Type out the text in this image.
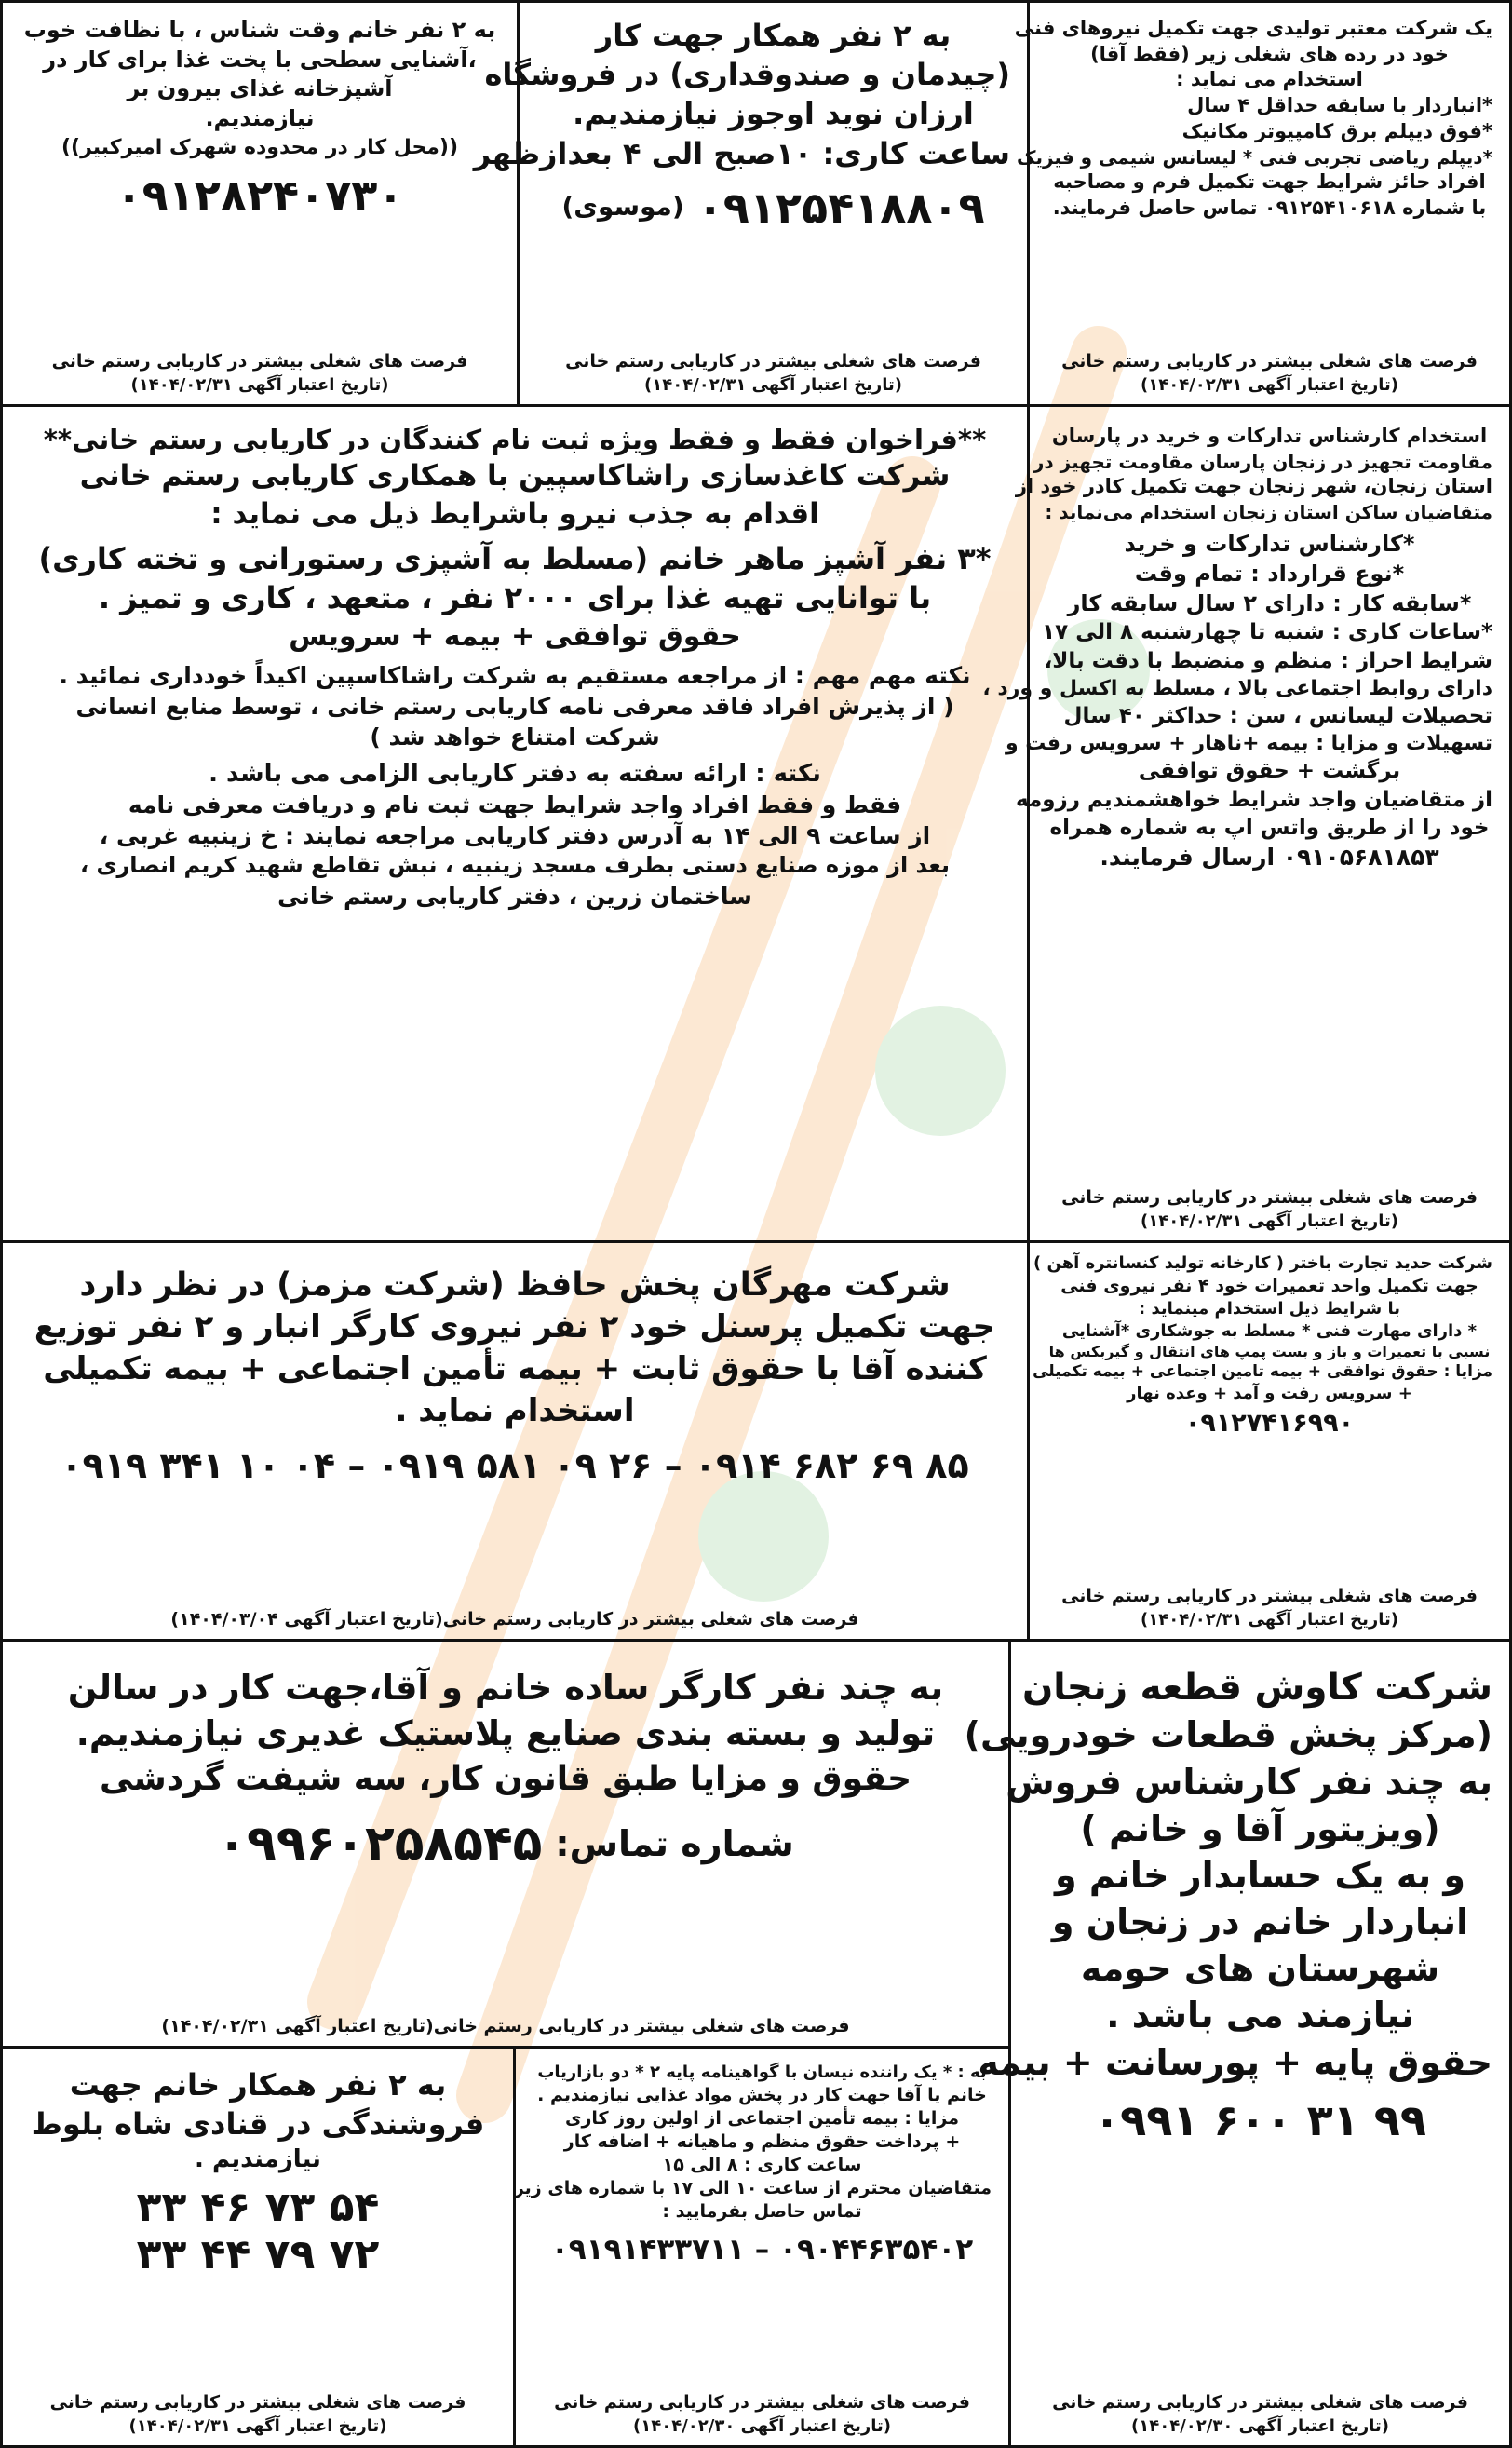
یک شرکت معتبر تولیدی جهت تکمیل نیروهای فنی
خود در رده های شغلی زیر (فقط آقا)
استخدام می نماید :
*انباردار با سابقه حداقل ۴ سال
*فوق دیپلم برق کامپیوتر مکانیک
*دیپلم ریاضی تجربی فنی * لیسانس شیمی و فیزیک
افراد حائز شرایط جهت تکمیل فرم و مصاحبه
با شماره ۰۹۱۲۵۴۱۰۶۱۸ تماس حاصل فرمایند.
فرصت های شغلی بیشتر در کاریابی رستم خانی
(تاریخ اعتبار آگهی ۱۴۰۴/۰۲/۳۱)
به ۲ نفر همکار جهت کار
(چیدمان و صندوقداری) در فروشگاه
ارزان نوید اوجوز نیازمندیم.
ساعت کاری: ۱۰صبح الی ۴ بعدازظهر
۰۹۱۲۵۴۱۸۸۰۹
(موسوی)
فرصت های شغلی بیشتر در کاریابی رستم خانی
(تاریخ اعتبار آگهی ۱۴۰۴/۰۲/۳۱)
به ۲ نفر خانم وقت شناس ، با نظافت خوب
،آشنایی سطحی با پخت غذا برای کار در
آشپزخانه غذای بیرون بر
نیازمندیم.
((محل کار در محدوده شهرک امیرکبیر))
۰۹۱۲۸۲۴۰۷۳۰
فرصت های شغلی بیشتر در کاریابی رستم خانی
(تاریخ اعتبار آگهی ۱۴۰۴/۰۲/۳۱)
استخدام کارشناس تدارکات و خرید در پارسان
مقاومت تجهیز در زنجان پارسان مقاومت تجهیز در
استان زنجان، شهر زنجان جهت تکمیل کادر خود از
متقاضیان ساکن استان زنجان استخدام می‌نماید :
*کارشناس تدارکات و خرید
*نوع قرارداد : تمام وقت
*سابقه کار : دارای ۲ سال سابقه کار
*ساعات کاری : شنبه تا چهارشنبه ۸ الی ۱۷
شرایط احراز : منظم و منضبط با دقت بالا،
دارای روابط اجتماعی بالا ، مسلط به اکسل و ورد ،
تحصیلات لیسانس ، سن : حداکثر ۴۰ سال
تسهیلات و مزایا : بیمه +ناهار + سرویس رفت و
برگشت + حقوق توافقی
از متقاضیان واجد شرایط خواهشمندیم رزومه
خود را از طریق واتس اپ به شماره همراه
۰۹۱۰۵۶۸۱۸۵۳ ارسال فرمایند.
فرصت های شغلی بیشتر در کاریابی رستم خانی
(تاریخ اعتبار آگهی ۱۴۰۴/۰۲/۳۱)
**فراخوان فقط و فقط ویژه ثبت نام کنندگان در کاریابی رستم خانی**
شرکت کاغذسازی راشاکاسپین با همکاری کاریابی رستم خانی
اقدام به جذب نیرو باشرایط ذیل می نماید :
*۳ نفر آشپز ماهر خانم (مسلط به آشپزی رستورانی و تخته کاری)
با توانایی تهیه غذا برای ۲۰۰۰ نفر ، متعهد ، کاری و تمیز .
حقوق توافقی + بیمه + سرویس
نکته مهم مهم : از مراجعه مستقیم به شرکت راشاکاسپین اکیداً خودداری نمائید .
( از پذیرش افراد فاقد معرفی نامه کاریابی رستم خانی ، توسط منابع انسانی
شرکت امتناع خواهد شد )
نکته : ارائه سفته به دفتر کاریابی الزامی می باشد .
فقط و فقط افراد واجد شرایط جهت ثبت نام و دریافت معرفی نامه
از ساعت ۹ الی ۱۴ به آدرس دفتر کاریابی مراجعه نمایند : خ زینبیه غربی ،
بعد از موزه صنایع دستی بطرف مسجد زینبیه ، نبش تقاطع شهید کریم انصاری ،
ساختمان زرین ، دفتر کاریابی رستم خانی
شرکت حدید تجارت باختر ( کارخانه تولید کنسانتره آهن )
جهت تکمیل واحد تعمیرات خود ۴ نفر نیروی فنی
با شرایط ذیل استخدام مینماید :
* دارای مهارت فنی * مسلط به جوشکاری *آشنایی
نسبی با تعمیرات و باز و بست پمپ های انتقال و گیربکس ها
مزایا : حقوق توافقی + بیمه تامین اجتماعی + بیمه تکمیلی
+ سرویس رفت و آمد + وعده نهار
۰۹۱۲۷۴۱۶۹۹۰
فرصت های شغلی بیشتر در کاریابی رستم خانی
(تاریخ اعتبار آگهی ۱۴۰۴/۰۲/۳۱)
شرکت مهرگان پخش حافظ (شرکت مزمز) در نظر دارد
جهت تکمیل پرسنل خود ۲ نفر نیروی کارگر انبار و ۲ نفر توزیع
کننده آقا با حقوق ثابت + بیمه تأمین اجتماعی + بیمه تکمیلی
استخدام نماید .
۰۹۱۹ ۳۴۱ ۱۰ ۰۴ – ۰۹۱۹ ۵۸۱ ۰۹ ۲۶ – ۰۹۱۴ ۶۸۲ ۶۹ ۸۵
فرصت های شغلی بیشتر در کاریابی رستم خانی(تاریخ اعتبار آگهی ۱۴۰۴/۰۳/۰۴)
شرکت کاوش قطعه زنجان
(مرکز پخش قطعات خودرویی)
به چند نفر کارشناس فروش
(ویزیتور آقا و خانم )
و به یک حسابدار خانم و
انباردار خانم در زنجان و
شهرستان های حومه
نیازمند می باشد .
حقوق پایه + پورسانت + بیمه
۰۹۹۱ ۶۰۰ ۳۱ ۹۹
فرصت های شغلی بیشتر در کاریابی رستم خانی
(تاریخ اعتبار آگهی ۱۴۰۴/۰۲/۳۰)
به چند نفر کارگر ساده خانم و آقا،جهت کار در سالن
تولید و بسته بندی صنایع پلاستیک غدیری نیازمندیم.
حقوق و مزایا طبق قانون کار، سه شیفت گردشی
شماره تماس:
۰۹۹۶۰۲۵۸۵۴۵
فرصت های شغلی بیشتر در کاریابی رستم خانی(تاریخ اعتبار آگهی ۱۴۰۴/۰۲/۳۱)
به : * یک راننده نیسان با گواهینامه پایه ۲ * دو بازاریاب
خانم یا آقا جهت کار در پخش مواد غذایی نیازمندیم .
مزایا : بیمه تأمین اجتماعی از اولین روز کاری
+ پرداخت حقوق منظم و ماهیانه + اضافه کار
ساعت کاری : ۸ الی ۱۵
متقاضیان محترم از ساعت ۱۰ الی ۱۷ با شماره های زیر
تماس حاصل بفرمایید :
۰۹۱۹۱۴۳۳۷۱۱ – ۰۹۰۴۴۶۳۵۴۰۲
فرصت های شغلی بیشتر در کاریابی رستم خانی
(تاریخ اعتبار آگهی ۱۴۰۴/۰۲/۳۰)
به ۲ نفر همکار خانم جهت
فروشندگی در قنادی شاه بلوط
نیازمندیم .
۳۳ ۴۶ ۷۳ ۵۴
۳۳ ۴۴ ۷۹ ۷۲
فرصت های شغلی بیشتر در کاریابی رستم خانی
(تاریخ اعتبار آگهی ۱۴۰۴/۰۲/۳۱)
